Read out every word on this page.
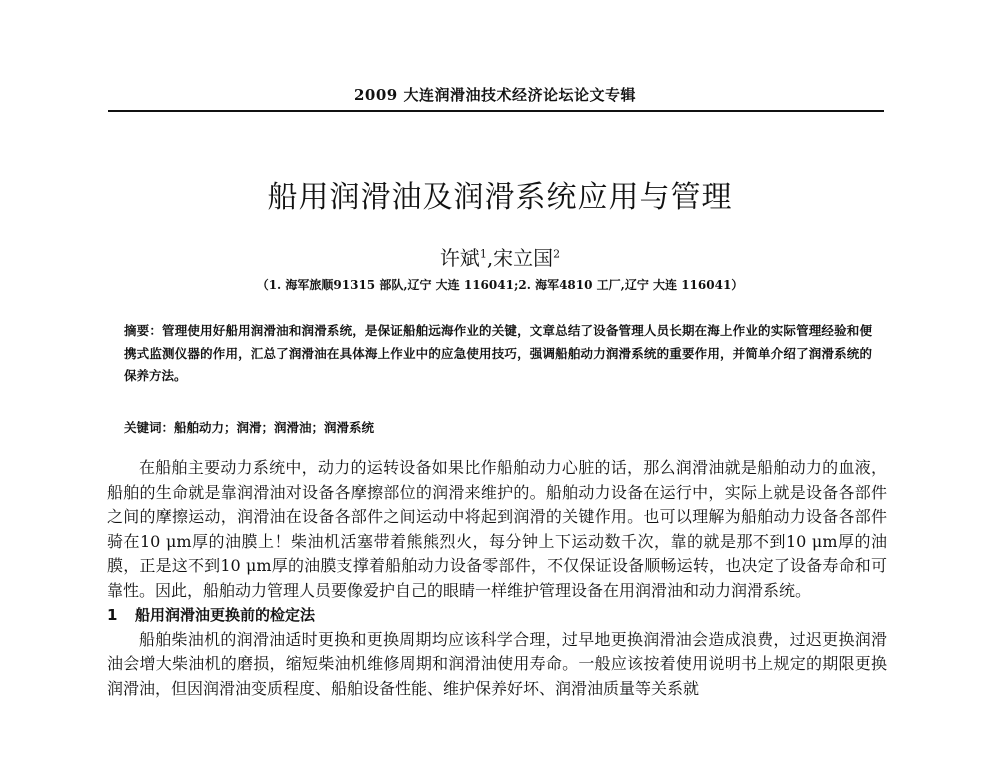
2009 大连润滑油技术经济论坛论文专辑
船用润滑油及润滑系统应用与管理
许斌$^1$,宋立国$^2$
（1. 海军旅顺91315 部队,辽宁 大连 116041;2. 海军4810 工厂,辽宁 大连 116041）
摘要：管理使用好船用润滑油和润滑系统，是保证船舶远海作业的关键，文章总结了设备管理人员长期在海上作业的实际管理经验和便携式监测仪器的作用，汇总了润滑油在具体海上作业中的应急使用技巧，强调船舶动力润滑系统的重要作用，并简单介绍了润滑系统的保养方法。
关键词：船舶动力；润滑；润滑油；润滑系统

在船舶主要动力系统中，动力的运转设备如果比作船舶动力心脏的话，那么润滑油就是船舶动力的血液，船舶的生命就是靠润滑油对设备各摩擦部位的润滑来维护的。船舶动力设备在运行中，实际上就是设备各部件之间的摩擦运动，润滑油在设备各部件之间运动中将起到润滑的关键作用。也可以理解为船舶动力设备各部件骑在10 μm厚的油膜上！柴油机活塞带着熊熊烈火，每分钟上下运动数千次，靠的就是那不到10 μm厚的油膜，正是这不到10 μm厚的油膜支撑着船舶动力设备零部件，不仅保证设备顺畅运转，也决定了设备寿命和可靠性。因此，船舶动力管理人员要像爱护自己的眼睛一样维护管理设备在用润滑油和动力润滑系统。

1 船用润滑油更换前的检定法

船舶柴油机的润滑油适时更换和更换周期均应该科学合理，过早地更换润滑油会造成浪费，过迟更换润滑油会增大柴油机的磨损，缩短柴油机维修周期和润滑油使用寿命。一般应该按着使用说明书上规定的期限更换润滑油，但因润滑油变质程度、船舶设备性能、维护保养好坏、润滑油质量等关系就
